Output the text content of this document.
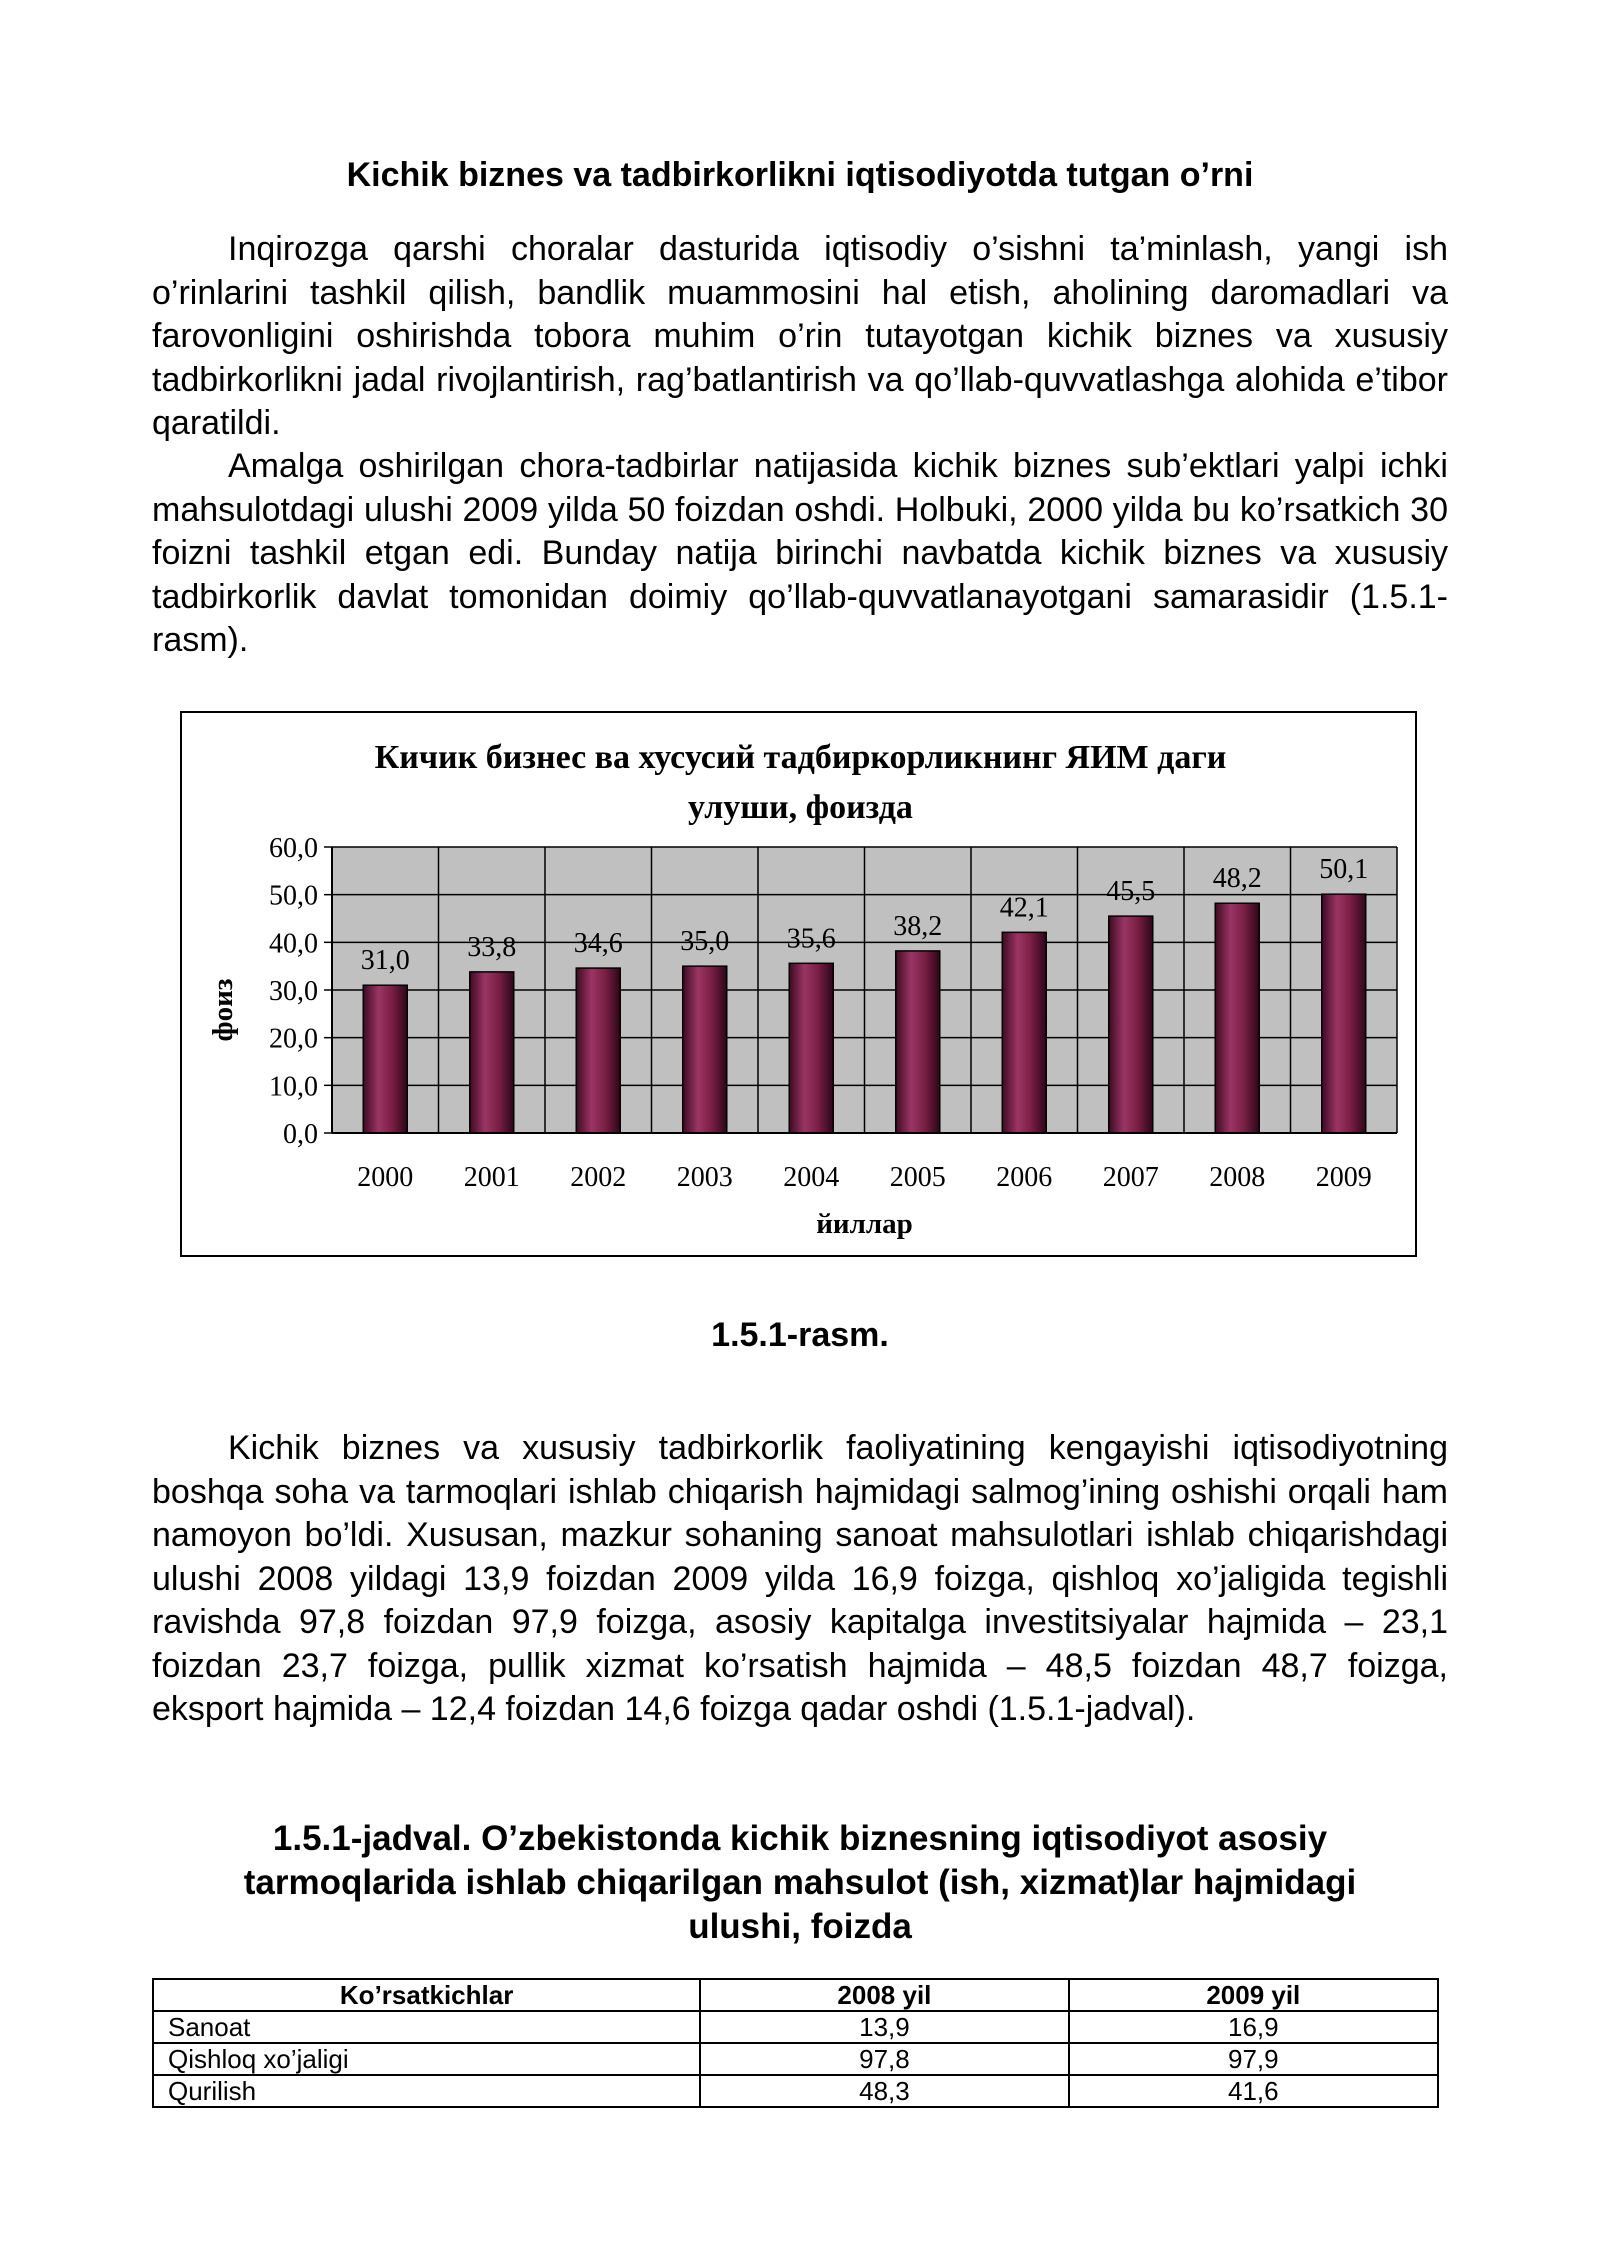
Kichik biznes va tadbirkorlikni iqtisodiyotda tutgan o’rni

Inqirozga qarshi choralar dasturida iqtisodiy o’sishni ta’minlash, yangi ish o’rinlarini tashkil qilish, bandlik muammosini hal etish, aholining daromadlari va farovonligini oshirishda tobora muhim o’rin tutayotgan kichik biznes va xususiy tadbirkorlikni jadal rivojlantirish, rag’batlantirish va qo’llab-quvvatlashga alohida e’tibor qaratildi.

Amalga oshirilgan chora-tadbirlar natijasida kichik biznes sub’ektlari yalpi ichki mahsulotdagi ulushi 2009 yilda 50 foizdan oshdi. Holbuki, 2000 yilda bu ko’rsatkich 30 foizni tashkil etgan edi. Bunday natija birinchi navbatda kichik biznes va xususiy tadbirkorlik davlat tomonidan doimiy qo’llab-quvvatlanayotgani samarasidir (1.5.1-rasm).

Кичик бизнес ва хусусий тадбиркорликнинг ЯИМ даги
улуши, фоизда
0,0
10,0
20,0
30,0
40,0
50,0
60,0
31,0
2000
33,8
2001
34,6
2002
35,0
2003
35,6
2004
38,2
2005
42,1
2006
45,5
2007
48,2
2008
50,1
2009
йиллар
фоиз
1.5.1-rasm.

Kichik biznes va xususiy tadbirkorlik faoliyatining kengayishi iqtisodiyotning boshqa soha va tarmoqlari ishlab chiqarish hajmidagi salmog’ining oshishi orqali ham namoyon bo’ldi. Xususan, mazkur sohaning sanoat mahsulotlari ishlab chiqarishdagi ulushi 2008 yildagi 13,9 foizdan 2009 yilda 16,9 foizga, qishloq xo’jaligida tegishli ravishda 97,8 foizdan 97,9 foizga, asosiy kapitalga investitsiyalar hajmida – 23,1 foizdan 23,7 foizga, pullik xizmat ko’rsatish hajmida – 48,5 foizdan 48,7 foizga, eksport hajmida – 12,4 foizdan 14,6 foizga qadar oshdi (1.5.1-jadval).

1.5.1-jadval. O’zbekistonda kichik biznesning iqtisodiyot asosiy tarmoqlarida ishlab chiqarilgan mahsulot (ish, xizmat)lar hajmidagi ulushi, foizda
Ko’rsatkichlar	2008 yil	2009 yil
Sanoat	13,9	16,9
Qishloq xo’jaligi	97,8	97,9
Qurilish	48,3	41,6
